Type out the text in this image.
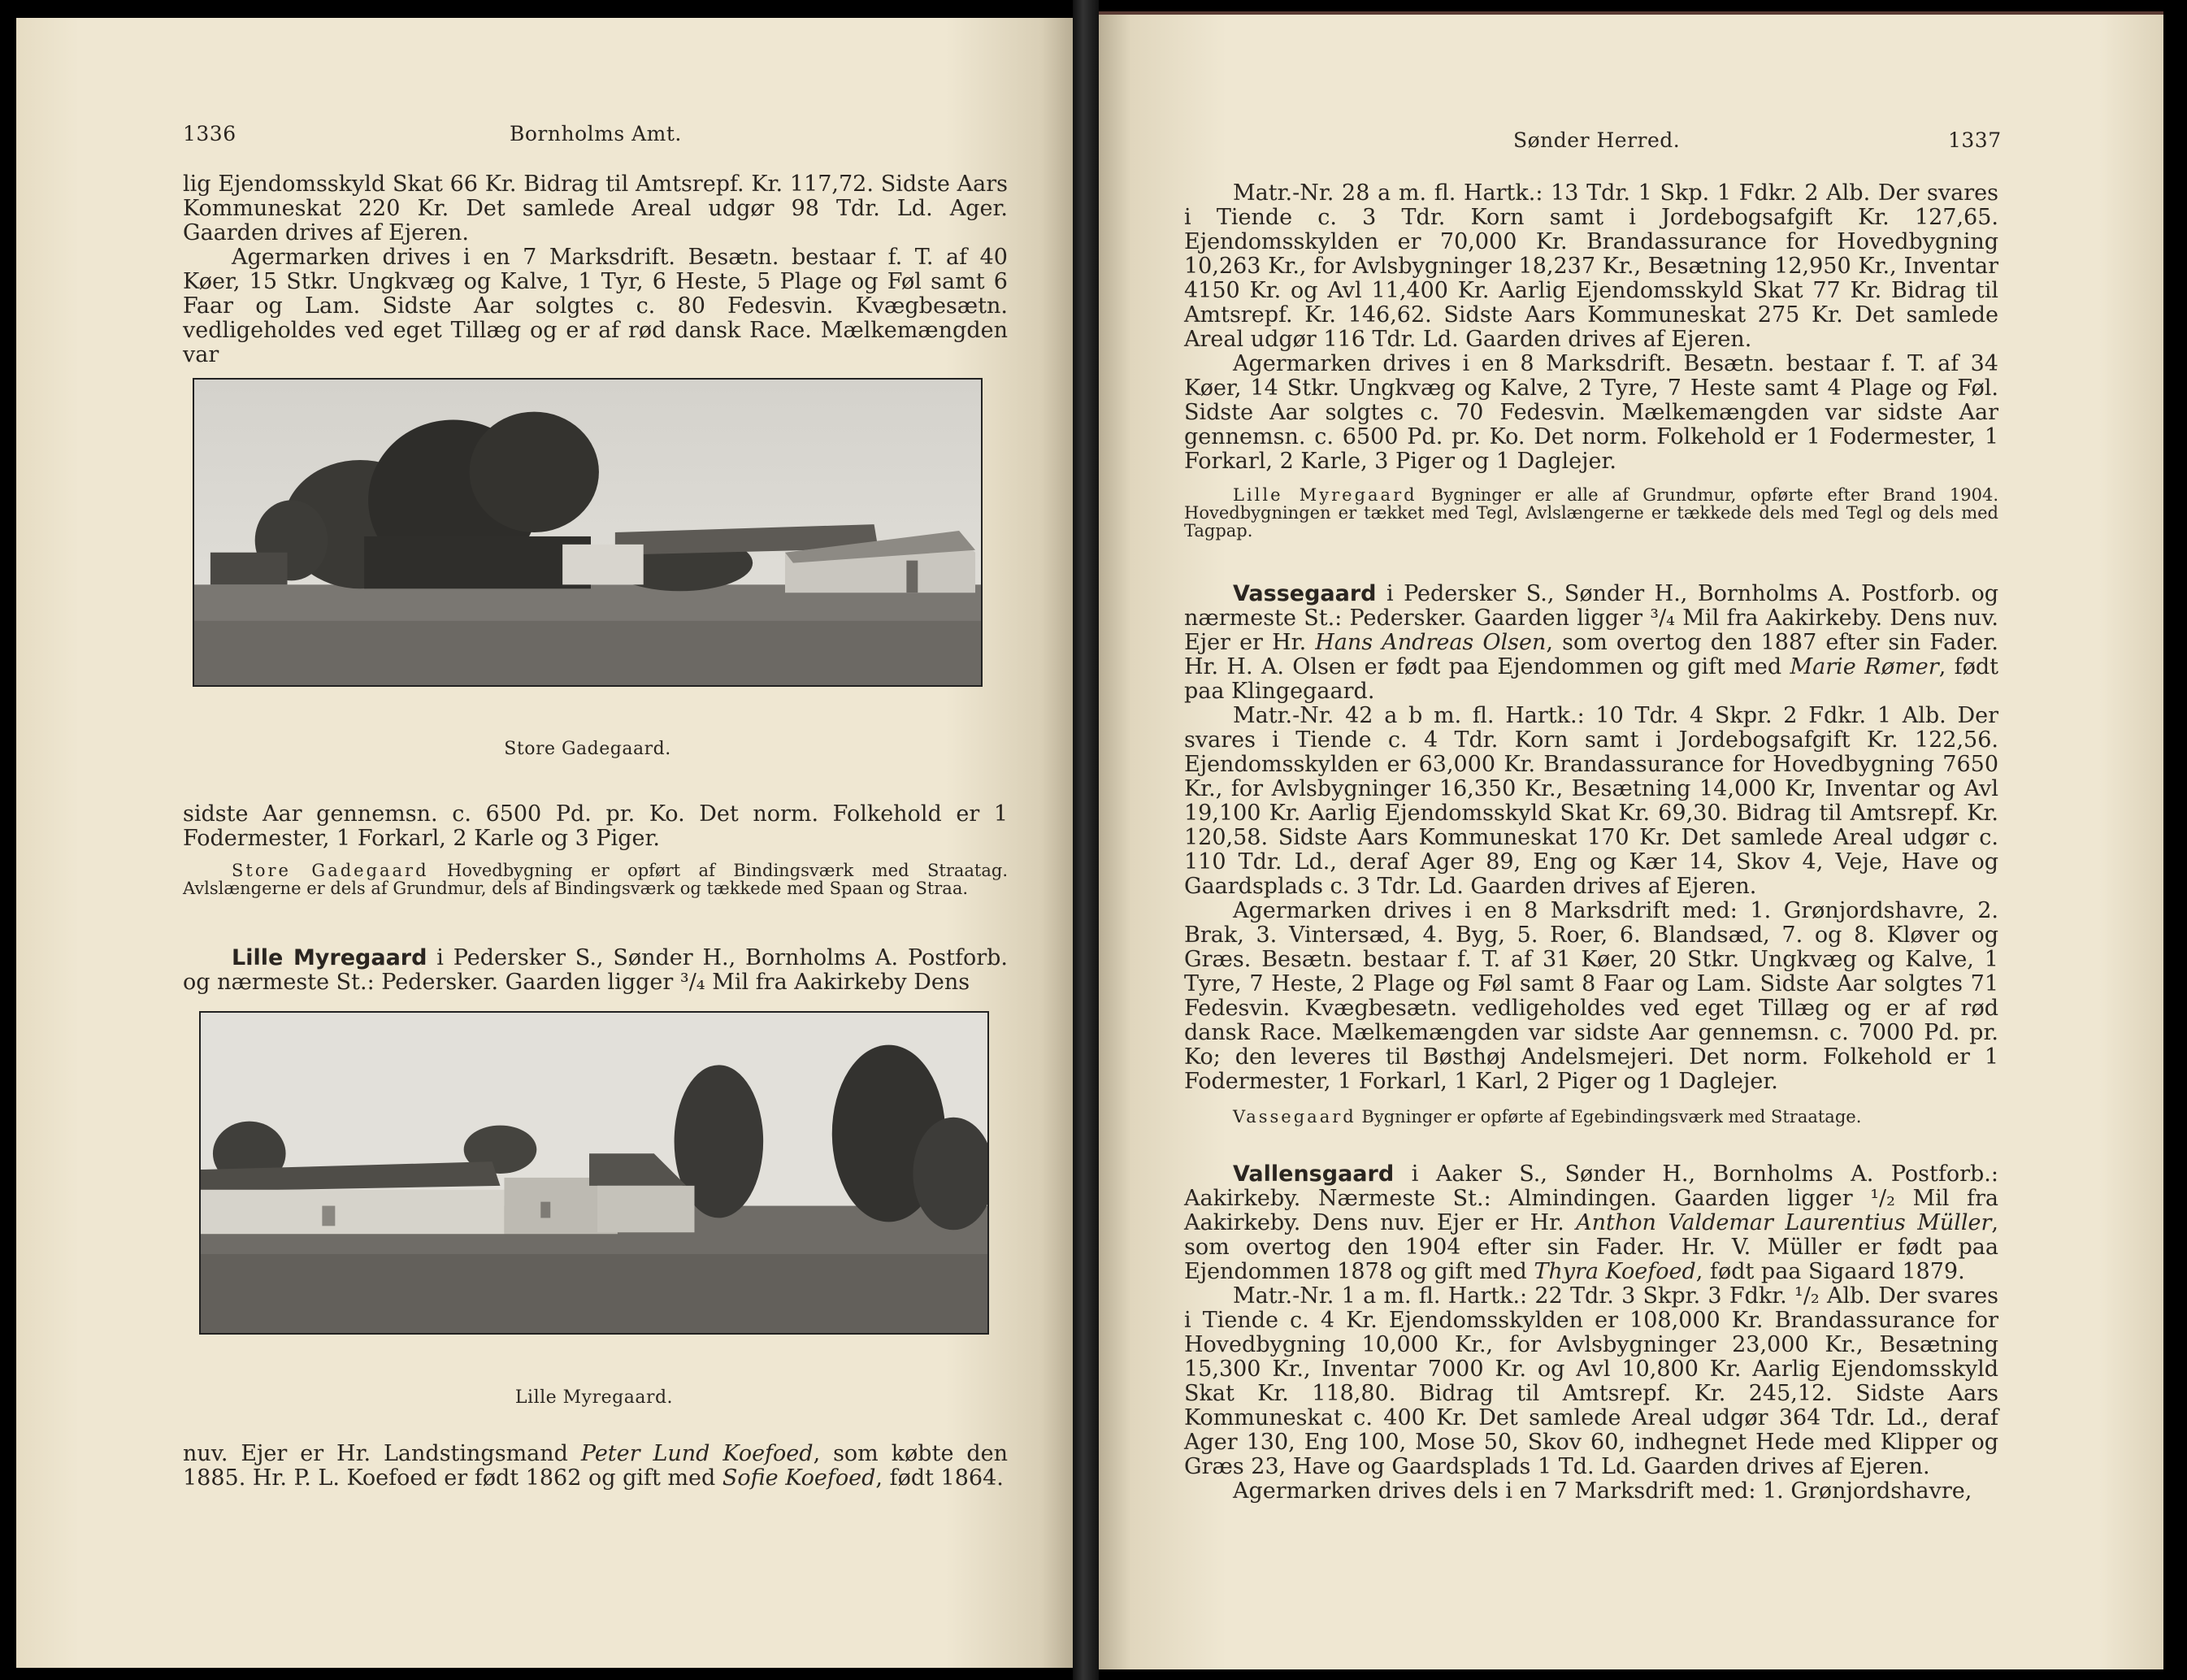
1336	Bornholms Amt.

lig Ejendomsskyld Skat 66 Kr. Bidrag til Amtsrepf. Kr. 117,72. Sidste Aars Kommuneskat 220 Kr. Det samlede Areal udgør 98 Tdr. Ld. Ager. Gaarden drives af Ejeren.

Agermarken drives i en 7 Marksdrift. Besætn. bestaar f. T. af 40 Køer, 15 Stkr. Ungkvæg og Kalve, 1 Tyr, 6 Heste, 5 Plage og Føl samt 6 Faar og Lam. Sidste Aar solgtes c. 80 Fedesvin. Kvægbesætn. vedligeholdes ved eget Tillæg og er af rød dansk Race. Mælkemængden var

Store Gadegaard.

sidste Aar gennemsn. c. 6500 Pd. pr. Ko. Det norm. Folkehold er 1 Fodermester, 1 Forkarl, 2 Karle og 3 Piger.

Store Gadegaard Hovedbygning er opført af Bindingsværk med Straatag. Avlslængerne er dels af Grundmur, dels af Bindingsværk og tækkede med Spaan og Straa.

Lille Myregaard i Pedersker S., Sønder H., Bornholms A. Postforb. og nærmeste St.: Pedersker. Gaarden ligger ³/₄ Mil fra Aakirkeby Dens

Lille Myregaard.

nuv. Ejer er Hr. Landstingsmand Peter Lund Koefoed, som købte den 1885. Hr. P. L. Koefoed er født 1862 og gift med Sofie Koefoed, født 1864.

Sønder Herred.	1337

Matr.-Nr. 28 a m. fl. Hartk.: 13 Tdr. 1 Skp. 1 Fdkr. 2 Alb. Der svares i Tiende c. 3 Tdr. Korn samt i Jordebogsafgift Kr. 127,65. Ejendomsskylden er 70,000 Kr. Brandassurance for Hovedbygning 10,263 Kr., for Avlsbygninger 18,237 Kr., Besætning 12,950 Kr., Inventar 4150 Kr. og Avl 11,400 Kr. Aarlig Ejendomsskyld Skat 77 Kr. Bidrag til Amtsrepf. Kr. 146,62. Sidste Aars Kommuneskat 275 Kr. Det samlede Areal udgør 116 Tdr. Ld. Gaarden drives af Ejeren.

Agermarken drives i en 8 Marksdrift. Besætn. bestaar f. T. af 34 Køer, 14 Stkr. Ungkvæg og Kalve, 2 Tyre, 7 Heste samt 4 Plage og Føl. Sidste Aar solgtes c. 70 Fedesvin. Mælkemængden var sidste Aar gennemsn. c. 6500 Pd. pr. Ko. Det norm. Folkehold er 1 Fodermester, 1 Forkarl, 2 Karle, 3 Piger og 1 Daglejer.

Lille Myregaard Bygninger er alle af Grundmur, opførte efter Brand 1904. Hovedbygningen er tækket med Tegl, Avlslængerne er tækkede dels med Tegl og dels med Tagpap.

Vassegaard i Pedersker S., Sønder H., Bornholms A. Postforb. og nærmeste St.: Pedersker. Gaarden ligger ³/₄ Mil fra Aakirkeby. Dens nuv. Ejer er Hr. Hans Andreas Olsen, som overtog den 1887 efter sin Fader. Hr. H. A. Olsen er født paa Ejendommen og gift med Marie Rømer, født paa Klingegaard.

Matr.-Nr. 42 a b m. fl. Hartk.: 10 Tdr. 4 Skpr. 2 Fdkr. 1 Alb. Der svares i Tiende c. 4 Tdr. Korn samt i Jordebogsafgift Kr. 122,56. Ejendomsskylden er 63,000 Kr. Brandassurance for Hovedbygning 7650 Kr., for Avlsbygninger 16,350 Kr., Besætning 14,000 Kr, Inventar og Avl 19,100 Kr. Aarlig Ejendomsskyld Skat Kr. 69,30. Bidrag til Amtsrepf. Kr. 120,58. Sidste Aars Kommuneskat 170 Kr. Det samlede Areal udgør c. 110 Tdr. Ld., deraf Ager 89, Eng og Kær 14, Skov 4, Veje, Have og Gaardsplads c. 3 Tdr. Ld. Gaarden drives af Ejeren.

Agermarken drives i en 8 Marksdrift med: 1. Grønjordshavre, 2. Brak, 3. Vintersæd, 4. Byg, 5. Roer, 6. Blandsæd, 7. og 8. Kløver og Græs. Besætn. bestaar f. T. af 31 Køer, 20 Stkr. Ungkvæg og Kalve, 1 Tyre, 7 Heste, 2 Plage og Føl samt 8 Faar og Lam. Sidste Aar solgtes 71 Fedesvin. Kvægbesætn. vedligeholdes ved eget Tillæg og er af rød dansk Race. Mælkemængden var sidste Aar gennemsn. c. 7000 Pd. pr. Ko; den leveres til Bøsthøj Andelsmejeri. Det norm. Folkehold er 1 Fodermester, 1 Forkarl, 1 Karl, 2 Piger og 1 Daglejer.

Vassegaard Bygninger er opførte af Egebindingsværk med Straatage.

Vallensgaard i Aaker S., Sønder H., Bornholms A. Postforb.: Aakirkeby. Nærmeste St.: Almindingen. Gaarden ligger ¹/₂ Mil fra Aakirkeby. Dens nuv. Ejer er Hr. Anthon Valdemar Laurentius Müller, som overtog den 1904 efter sin Fader. Hr. V. Müller er født paa Ejendommen 1878 og gift med Thyra Koefoed, født paa Sigaard 1879.

Matr.-Nr. 1 a m. fl. Hartk.: 22 Tdr. 3 Skpr. 3 Fdkr. ¹/₂ Alb. Der svares i Tiende c. 4 Kr. Ejendomsskylden er 108,000 Kr. Brandassurance for Hovedbygning 10,000 Kr., for Avlsbygninger 23,000 Kr., Besætning 15,300 Kr., Inventar 7000 Kr. og Avl 10,800 Kr. Aarlig Ejendomsskyld Skat Kr. 118,80. Bidrag til Amtsrepf. Kr. 245,12. Sidste Aars Kommuneskat c. 400 Kr. Det samlede Areal udgør 364 Tdr. Ld., deraf Ager 130, Eng 100, Mose 50, Skov 60, indhegnet Hede med Klipper og Græs 23, Have og Gaardsplads 1 Td. Ld. Gaarden drives af Ejeren.

Agermarken drives dels i en 7 Marksdrift med: 1. Grønjordshavre,
